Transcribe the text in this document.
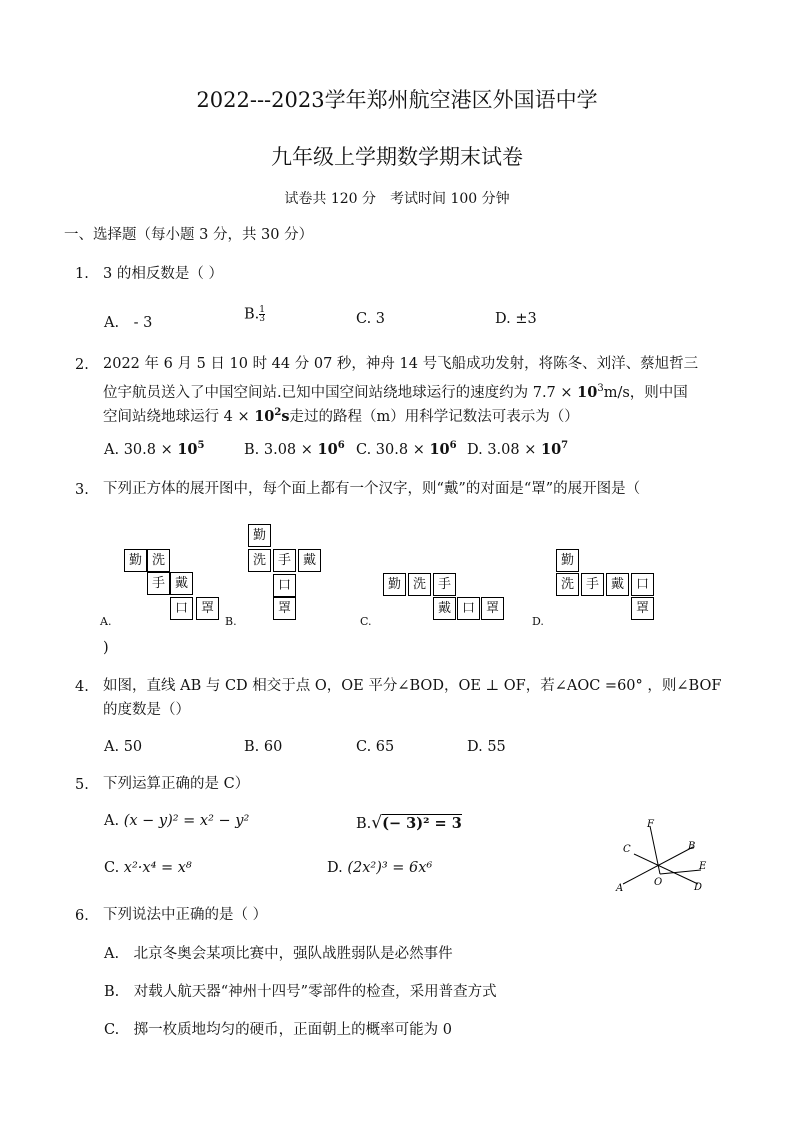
2022---2023学年郑州航空港区外国语中学
九年级上学期数学期末试卷
试卷共 120 分　考试时间 100 分钟
一、选择题（每小题 3 分，共 30 分）
1. 3 的相反数是（ ）
A.　- 3
B. $\frac{1}{3}$	C. 3	D. ±3
2. 2022 年 6 月 5 日 10 时 44 分 07 秒，神舟 14 号飞船成功发射，将陈冬、刘洋、蔡旭哲三
位宇航员送入了中国空间站.已知中国空间站绕地球运行的速度约为 $7.7 \times 10^3m/s$，则中国
空间站绕地球运行 $4 \times 10^2s$走过的路程（m）用科学记数法可表示为（）
A. $30.8 \times 10^5$	B. $3.08 \times 10^6$ C. $30.8 \times 10^6$ D. $3.08 \times 10^7$
3. 下列正方体的展开图中，每个面上都有一个汉字，则“戴”的对面是“罩”的展开图是（
勤 洗
手 戴
口 罩
A.
勤
洗 手 戴
口
罩
B.
勤 洗 手
戴 口 罩
C.
勤
洗 手 戴 口
罩
D.
)
4. 如图，直线 AB 与 CD 相交于点 O，OE 平分∠BOD，OE ⊥ OF，若∠AOC =60° ，则∠BOF
的度数是（）
A. 50	B. 60	C. 65	D. 55
5. 下列运算正确的是 C）
A. (x − y)² = x² − y²	B.√(− 3)² = 3
C. x²·x⁴ = x⁸	D. (2x²)³ = 6x⁶
F
C	B
E
A
O	D
6. 下列说法中正确的是（ ）
A.　北京冬奥会某项比赛中，强队战胜弱队是必然事件
B.　对载人航天器“神州十四号”零部件的检查，采用普查方式
C.　掷一枚质地均匀的硬币，正面朝上的概率可能为 0
